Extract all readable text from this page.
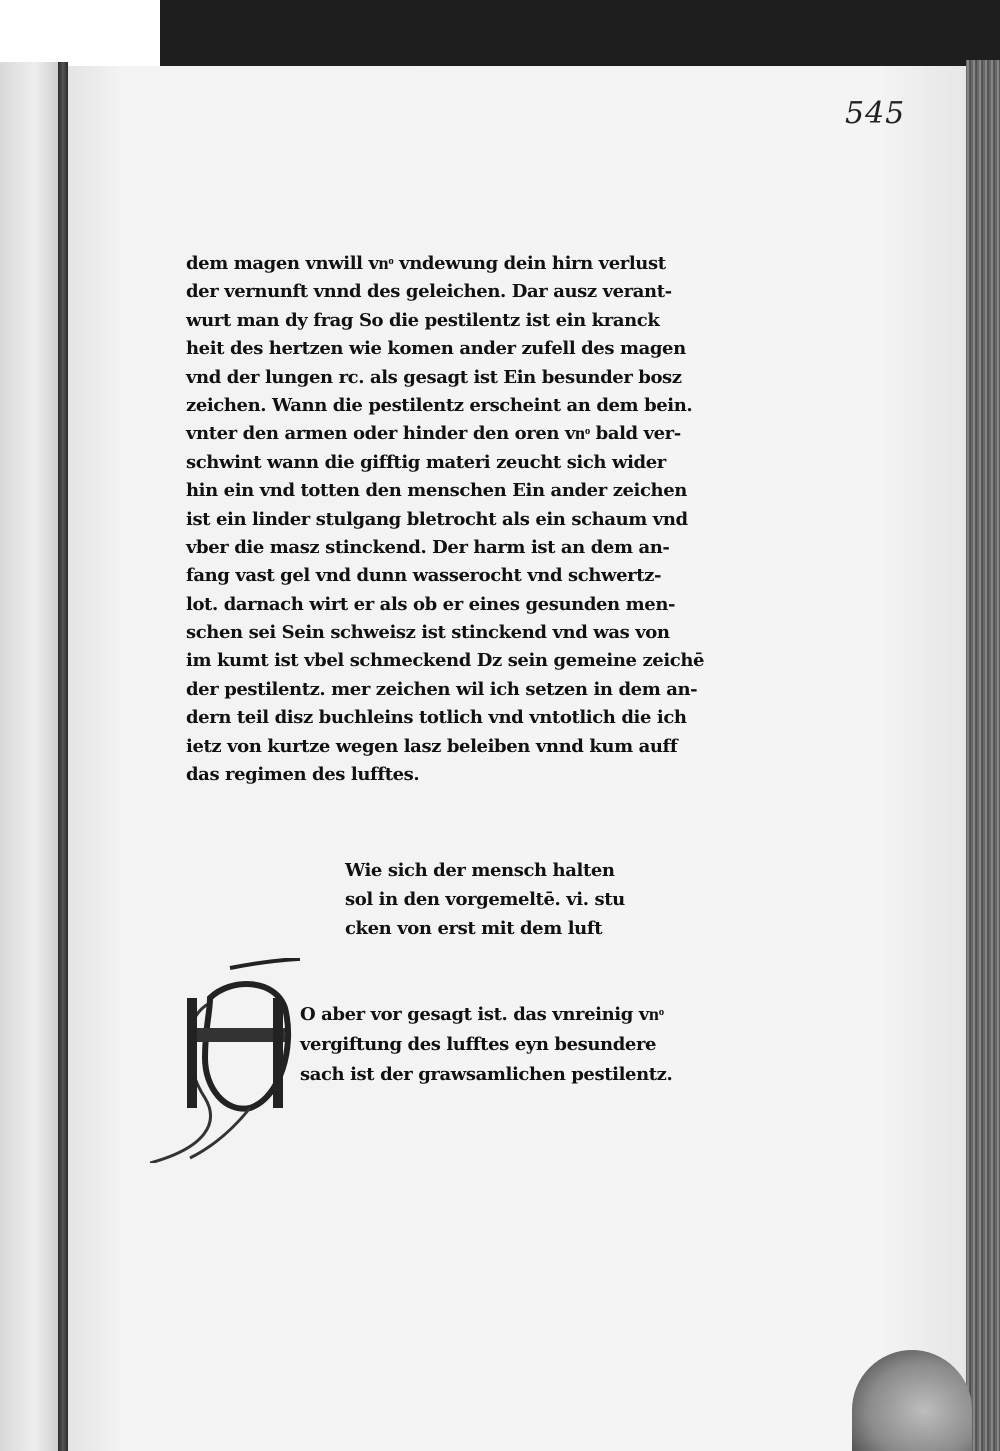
545
dem magen vnwill vnͦ vndewung dein hirn verlust
der vernunft vnnd des geleichen. Dar ausz verant-
wurt man dy frag So die pestilentz ist ein kranck
heit des hertzen wie komen ander zufell des magen
vnd der lungen rc. als gesagt ist Ein besunder bosz
zeichen. Wann die pestilentz erscheint an dem bein.
vnter den armen oder hinder den oren vnͦ bald ver-
schwint wann die gifftig materi zeucht sich wider
hin ein vnd totten den menschen Ein ander zeichen
ist ein linder stulgang bletrocht als ein schaum vnd
vber die masz stinckend. Der harm ist an dem an-
fang vast gel vnd dunn wasserocht vnd schwertz-
lot. darnach wirt er als ob er eines gesunden men-
schen sei Sein schweisz ist stinckend vnd was von
im kumt ist vbel schmeckend Dz sein gemeine zeichē
der pestilentz. mer zeichen wil ich setzen in dem an-
dern teil disz buchleins totlich vnd vntotlich die ich
ietz von kurtze wegen lasz beleiben vnnd kum auff
das regimen des lufftes.
Wie sich der mensch halten
sol in den vorgemeltē. vi. stu
cken von erst mit dem luft
O aber vor gesagt ist. das vnreinig vnͦ
vergiftung des lufftes eyn besundere
sach ist der grawsamlichen pestilentz.
